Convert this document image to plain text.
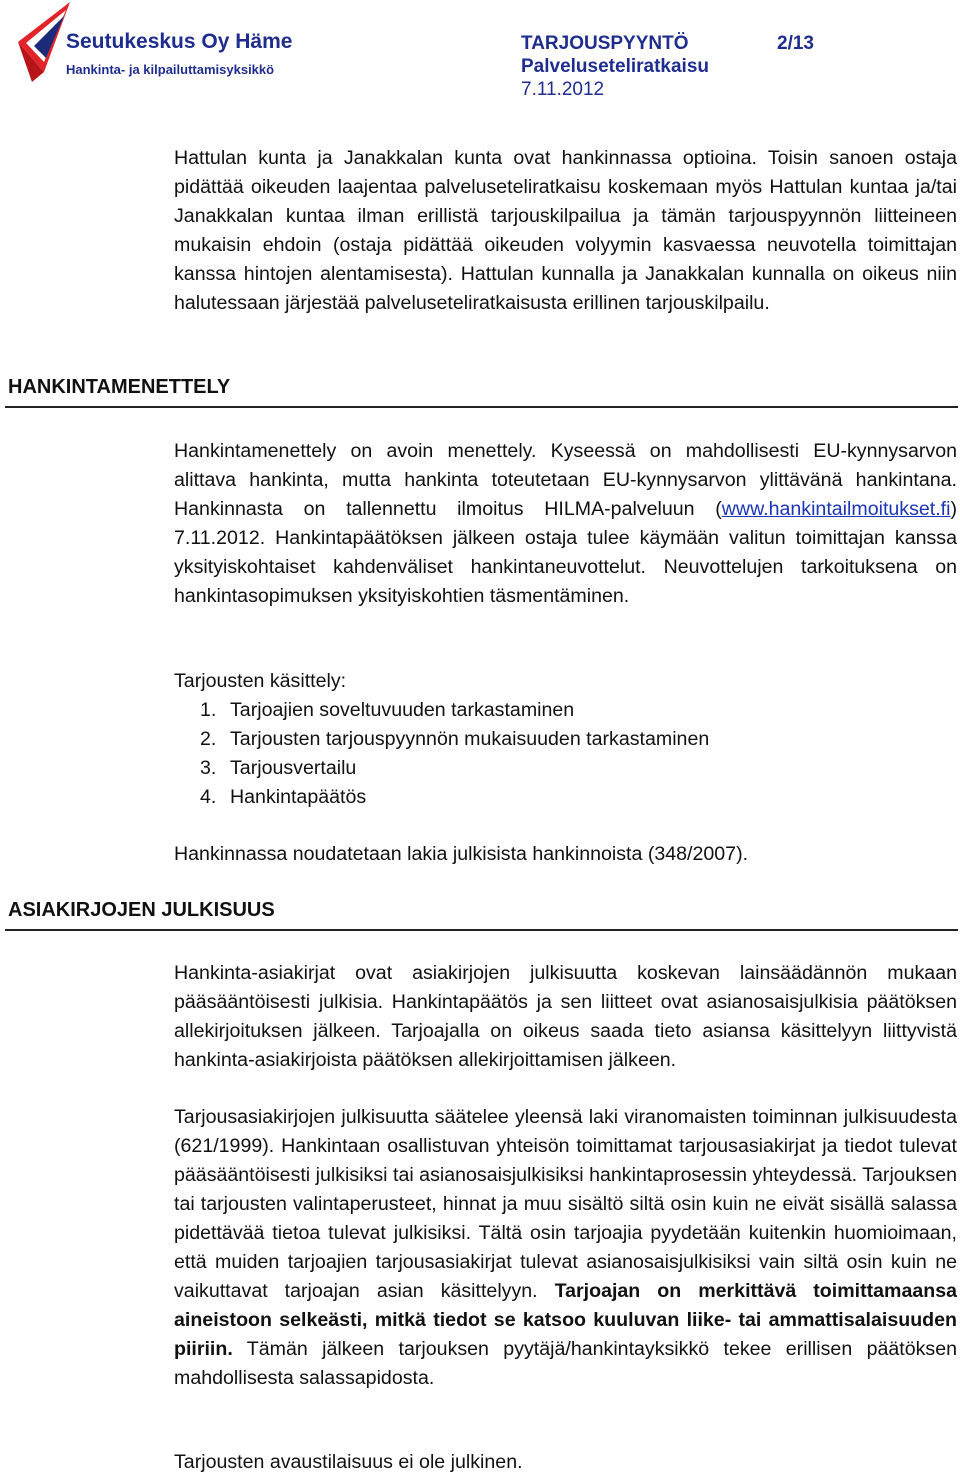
Seutukeskus Oy Häme
Hankinta- ja kilpailuttamisyksikkö
TARJOUSPYYNTÖ	2/13
Palveluseteliratkaisu
7.11.2012

Hattulan kunta ja Janakkalan kunta ovat hankinnassa optioina. Toisin sanoen ostaja pidättää oikeuden laajentaa palveluseteliratkaisu koskemaan myös Hattulan kuntaa ja/tai Janakkalan kuntaa ilman erillistä tarjouskilpailua ja tämän tarjouspyynnön liitteineen mukaisin ehdoin (ostaja pidättää oikeuden volyymin kasvaessa neuvotella toimittajan kanssa hintojen alentamisesta). Hattulan kunnalla ja Janakkalan kunnalla on oikeus niin halutessaan järjestää palveluseteliratkaisusta erillinen tarjouskilpailu.

HANKINTAMENETTELY

Hankintamenettely on avoin menettely. Kyseessä on mahdollisesti EU-kynnysarvon alittava hankinta, mutta hankinta toteutetaan EU-kynnysarvon ylittävänä hankintana. Hankinnasta on tallennettu ilmoitus HILMA-palveluun (www.hankintailmoitukset.fi) 7.11.2012. Hankintapäätöksen jälkeen ostaja tulee käymään valitun toimittajan kanssa yksityiskohtaiset kahdenväliset hankintaneuvottelut. Neuvottelujen tarkoituksena on hankintasopimuksen yksityiskohtien täsmentäminen.

Tarjousten käsittely:

1. Tarjoajien soveltuvuuden tarkastaminen
2. Tarjousten tarjouspyynnön mukaisuuden tarkastaminen
3. Tarjousvertailu
4. Hankintapäätös

Hankinnassa noudatetaan lakia julkisista hankinnoista (348/2007).

ASIAKIRJOJEN JULKISUUS

Hankinta-asiakirjat ovat asiakirjojen julkisuutta koskevan lainsäädännön mukaan pääsääntöisesti julkisia. Hankintapäätös ja sen liitteet ovat asianosaisjulkisia päätöksen allekirjoituksen jälkeen. Tarjoajalla on oikeus saada tieto asiansa käsittelyyn liittyvistä hankinta-asiakirjoista päätöksen allekirjoittamisen jälkeen.

Tarjousasiakirjojen julkisuutta säätelee yleensä laki viranomaisten toiminnan julkisuudesta (621/1999). Hankintaan osallistuvan yhteisön toimittamat tarjousasiakirjat ja tiedot tulevat pääsääntöisesti julkisiksi tai asianosaisjulkisiksi hankintaprosessin yhteydessä. Tarjouksen tai tarjousten valintaperusteet, hinnat ja muu sisältö siltä osin kuin ne eivät sisällä salassa pidettävää tietoa tulevat julkisiksi. Tältä osin tarjoajia pyydetään kuitenkin huomioimaan, että muiden tarjoajien tarjousasiakirjat tulevat asianosaisjulkisiksi vain siltä osin kuin ne vaikuttavat tarjoajan asian käsittelyyn. Tarjoajan on merkittävä toimittamaansa aineistoon selkeästi, mitkä tiedot se katsoo kuuluvan liike- tai ammattisalaisuuden piiriin. Tämän jälkeen tarjouksen pyytäjä/hankintayksikkö tekee erillisen päätöksen mahdollisesta salassapidosta.

Tarjousten avaustilaisuus ei ole julkinen.
